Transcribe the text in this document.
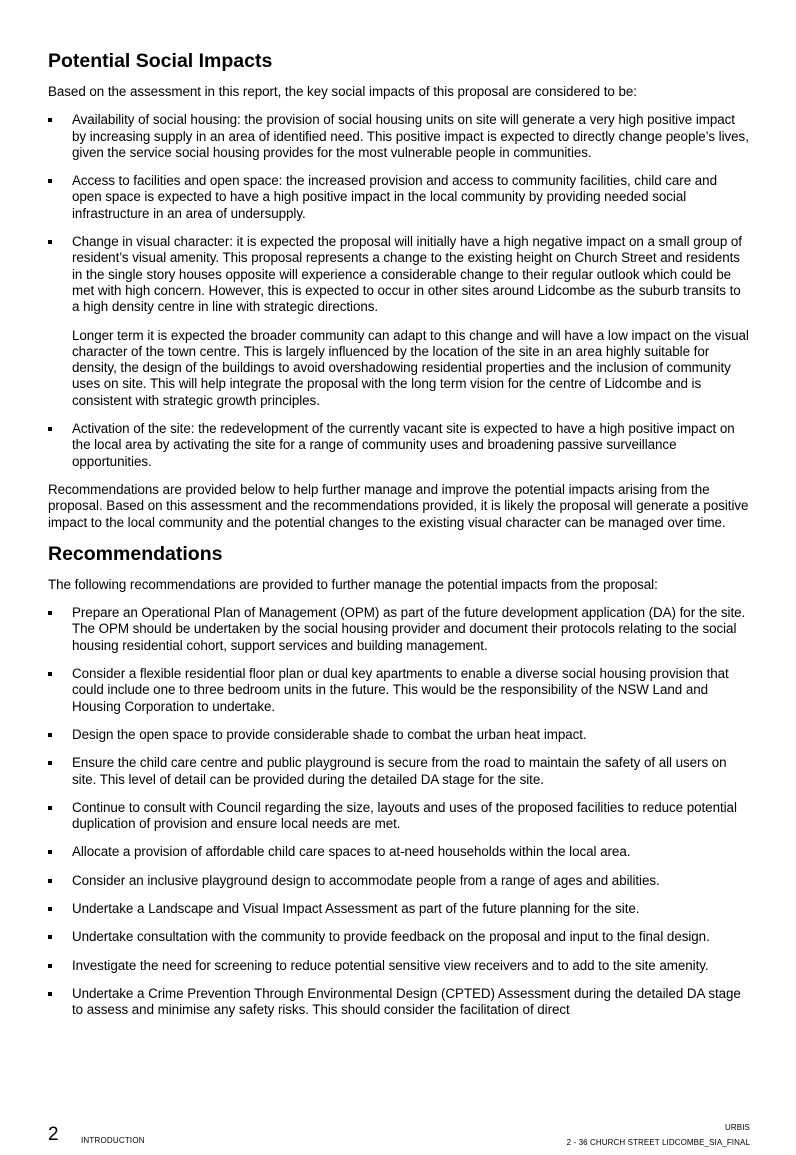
Potential Social Impacts

Based on the assessment in this report, the key social impacts of this proposal are considered to be:

Availability of social housing: the provision of social housing units on site will generate a very high positive impact by increasing supply in an area of identified need. This positive impact is expected to directly change people’s lives, given the service social housing provides for the most vulnerable people in communities.

Access to facilities and open space: the increased provision and access to community facilities, child care and open space is expected to have a high positive impact in the local community by providing needed social infrastructure in an area of undersupply.

Change in visual character: it is expected the proposal will initially have a high negative impact on a small group of resident’s visual amenity. This proposal represents a change to the existing height on Church Street and residents in the single story houses opposite will experience a considerable change to their regular outlook which could be met with high concern. However, this is expected to occur in other sites around Lidcombe as the suburb transits to a high density centre in line with strategic directions.

Longer term it is expected the broader community can adapt to this change and will have a low impact on the visual character of the town centre. This is largely influenced by the location of the site in an area highly suitable for density, the design of the buildings to avoid overshadowing residential properties and the inclusion of community uses on site. This will help integrate the proposal with the long term vision for the centre of Lidcombe and is consistent with strategic growth principles.

Activation of the site: the redevelopment of the currently vacant site is expected to have a high positive impact on the local area by activating the site for a range of community uses and broadening passive surveillance opportunities.

Recommendations are provided below to help further manage and improve the potential impacts arising from the proposal. Based on this assessment and the recommendations provided, it is likely the proposal will generate a positive impact to the local community and the potential changes to the existing visual character can be managed over time.

Recommendations

The following recommendations are provided to further manage the potential impacts from the proposal:

Prepare an Operational Plan of Management (OPM) as part of the future development application (DA) for the site. The OPM should be undertaken by the social housing provider and document their protocols relating to the social housing residential cohort, support services and building management.

Consider a flexible residential floor plan or dual key apartments to enable a diverse social housing provision that could include one to three bedroom units in the future. This would be the responsibility of the NSW Land and Housing Corporation to undertake.

Design the open space to provide considerable shade to combat the urban heat impact.

Ensure the child care centre and public playground is secure from the road to maintain the safety of all users on site. This level of detail can be provided during the detailed DA stage for the site.

Continue to consult with Council regarding the size, layouts and uses of the proposed facilities to reduce potential duplication of provision and ensure local needs are met.

Allocate a provision of affordable child care spaces to at-need households within the local area.

Consider an inclusive playground design to accommodate people from a range of ages and abilities.

Undertake a Landscape and Visual Impact Assessment as part of the future planning for the site.

Undertake consultation with the community to provide feedback on the proposal and input to the final design.

Investigate the need for screening to reduce potential sensitive view receivers and to add to the site amenity.

Undertake a Crime Prevention Through Environmental Design (CPTED) Assessment during the detailed DA stage to assess and minimise any safety risks. This should consider the facilitation of direct

2	INTRODUCTION
URBIS
2 - 36 CHURCH STREET LIDCOMBE_SIA_FINAL
